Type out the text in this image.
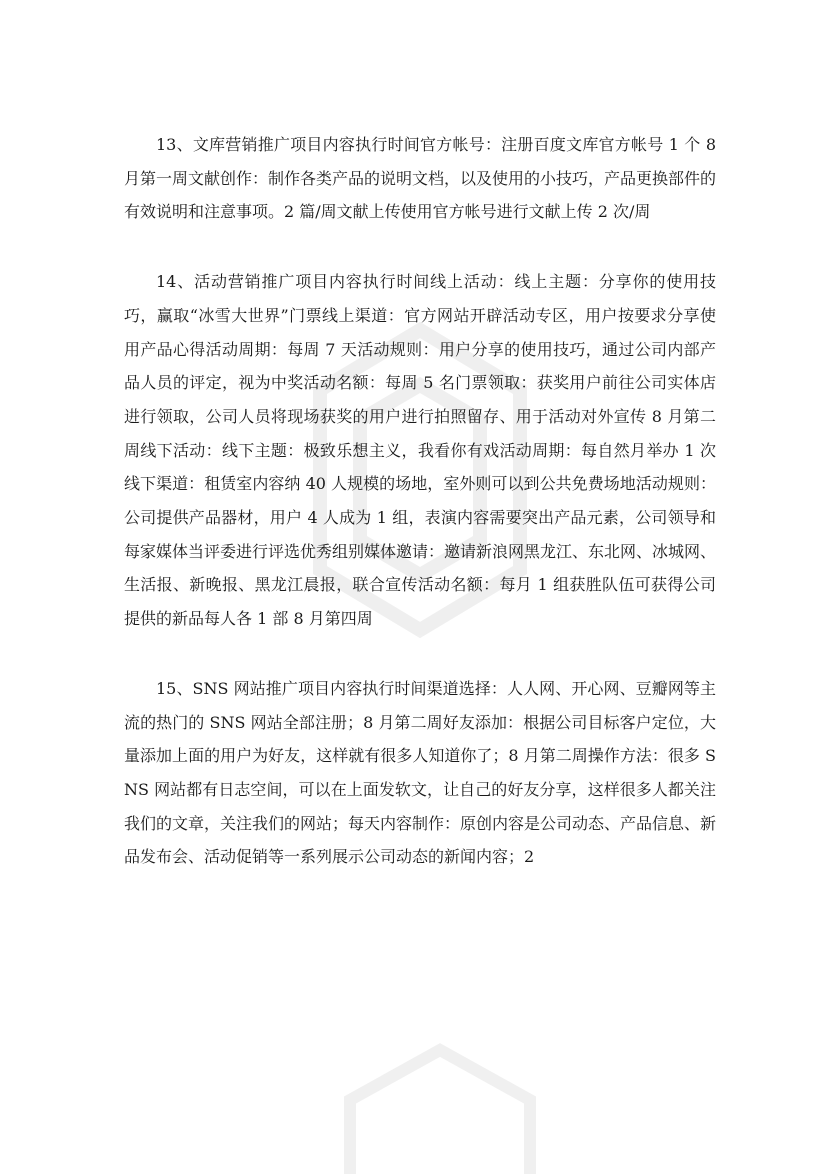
13、文库营销推广项目内容执行时间官方帐号：注册百度文库官方帐号 1 个 8 月第一周文献创作：制作各类产品的说明文档，以及使用的小技巧，产品更换部件的有效说明和注意事项。2 篇/周文献上传使用官方帐号进行文献上传 2 次/周

14、活动营销推广项目内容执行时间线上活动：线上主题：分享你的使用技巧，赢取“冰雪大世界”门票线上渠道：官方网站开辟活动专区，用户按要求分享使用产品心得活动周期：每周 7 天活动规则：用户分享的使用技巧，通过公司内部产品人员的评定，视为中奖活动名额：每周 5 名门票领取：获奖用户前往公司实体店进行领取，公司人员将现场获奖的用户进行拍照留存、用于活动对外宣传 8 月第二周线下活动：线下主题：极致乐想主义，我看你有戏活动周期：每自然月举办 1 次线下渠道：租赁室内容纳 40 人规模的场地，室外则可以到公共免费场地活动规则：公司提供产品器材，用户 4 人成为 1 组，表演内容需要突出产品元素，公司领导和每家媒体当评委进行评选优秀组别媒体邀请：邀请新浪网黑龙江、东北网、冰城网、生活报、新晚报、黑龙江晨报，联合宣传活动名额：每月 1 组获胜队伍可获得公司提供的新品每人各 1 部 8 月第四周

15、SNS 网站推广项目内容执行时间渠道选择：人人网、开心网、豆瓣网等主流的热门的 SNS 网站全部注册；8 月第二周好友添加：根据公司目标客户定位，大量添加上面的用户为好友，这样就有很多人知道你了；8 月第二周操作方法：很多 SNS 网站都有日志空间，可以在上面发软文，让自己的好友分享，这样很多人都关注我们的文章，关注我们的网站；每天内容制作：原创内容是公司动态、产品信息、新品发布会、活动促销等一系列展示公司动态的新闻内容；2
